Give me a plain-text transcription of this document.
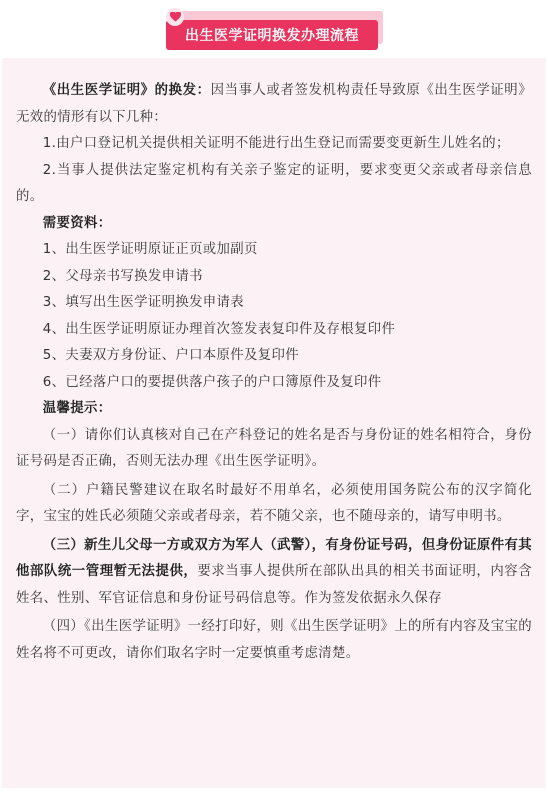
出生医学证明换发办理流程

《出生医学证明》的换发：因当事人或者签发机构责任导致原《出生医学证明》无效的情形有以下几种：

1.由户口登记机关提供相关证明不能进行出生登记而需要变更新生儿姓名的；

2.当事人提供法定鉴定机构有关亲子鉴定的证明，要求变更父亲或者母亲信息的。

需要资料：

1、出生医学证明原证正页或加副页

2、父母亲书写换发申请书

3、填写出生医学证明换发申请表

4、出生医学证明原证办理首次签发表复印件及存根复印件

5、夫妻双方身份证、户口本原件及复印件

6、已经落户口的要提供落户孩子的户口簿原件及复印件

温馨提示：

（一）请你们认真核对自己在产科登记的姓名是否与身份证的姓名相符合，身份证号码是否正确，否则无法办理《出生医学证明》。

（二）户籍民警建议在取名时最好不用单名，必须使用国务院公布的汉字简化字，宝宝的姓氏必须随父亲或者母亲，若不随父亲，也不随母亲的，请写申明书。

（三）新生儿父母一方或双方为军人（武警），有身份证号码，但身份证原件有其他部队统一管理暂无法提供，要求当事人提供所在部队出具的相关书面证明，内容含姓名、性别、军官证信息和身份证号码信息等。作为签发依据永久保存

（四）《出生医学证明》一经打印好，则《出生医学证明》上的所有内容及宝宝的姓名将不可更改，请你们取名字时一定要慎重考虑清楚。
